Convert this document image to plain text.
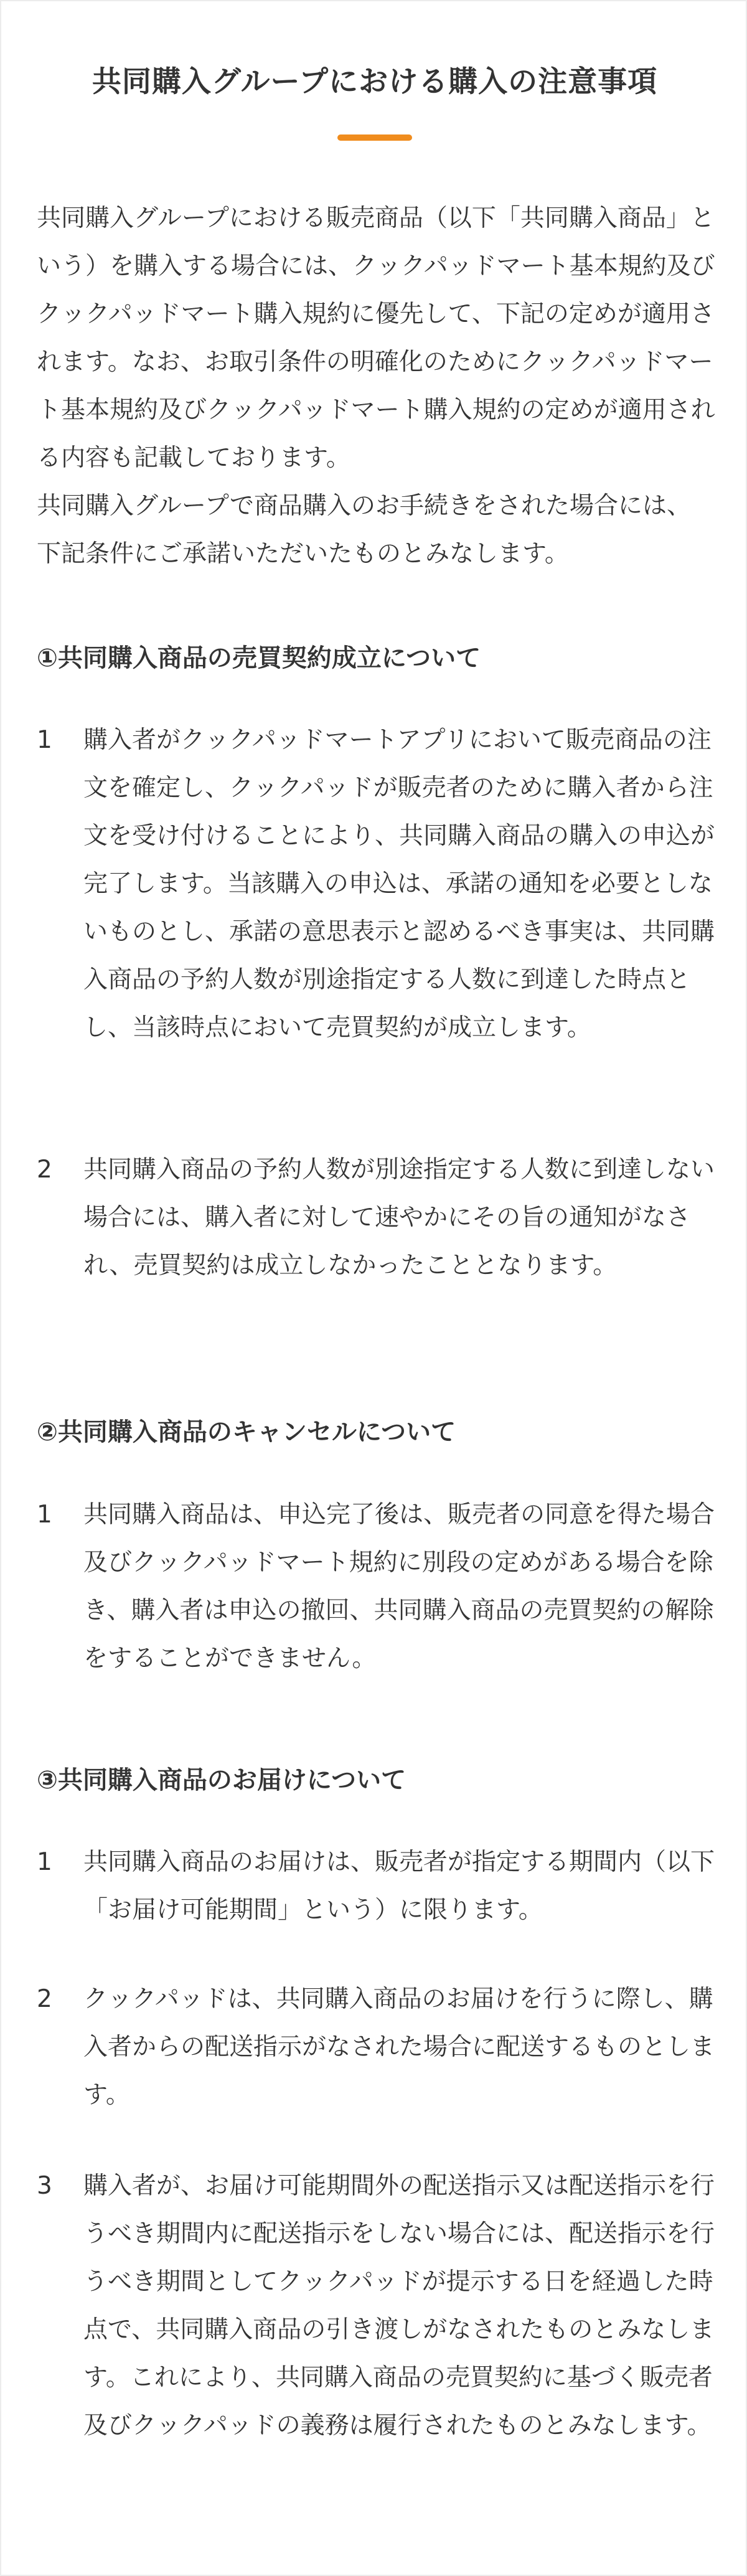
共同購入グループにおける購入の注意事項

共同購入グループにおける販売商品（以下「共同購入商品」という）を購入する場合には、クックパッドマート基本規約及びクックパッドマート購入規約に優先して、下記の定めが適用されます。なお、お取引条件の明確化のためにクックパッドマート基本規約及びクックパッドマート購入規約の定めが適用される内容も記載しております。

共同購入グループで商品購入のお手続きをされた場合には、下記条件にご承諾いただいたものとみなします。

①共同購入商品の売買契約成立について
1	購入者がクックパッドマートアプリにおいて販売商品の注文を確定し、クックパッドが販売者のために購入者から注文を受け付けることにより、共同購入商品の購入の申込が完了します。当該購入の申込は、承諾の通知を必要としないものとし、承諾の意思表示と認めるべき事実は、共同購入商品の予約人数が別途指定する人数に到達した時点とし、当該時点において売買契約が成立します。
2	共同購入商品の予約人数が別途指定する人数に到達しない場合には、購入者に対して速やかにその旨の通知がなされ、売買契約は成立しなかったこととなります。
②共同購入商品のキャンセルについて
1	共同購入商品は、申込完了後は、販売者の同意を得た場合及びクックパッドマート規約に別段の定めがある場合を除き、購入者は申込の撤回、共同購入商品の売買契約の解除をすることができません。
③共同購入商品のお届けについて
1	共同購入商品のお届けは、販売者が指定する期間内（以下「お届け可能期間」という）に限ります。
2	クックパッドは、共同購入商品のお届けを行うに際し、購入者からの配送指示がなされた場合に配送するものとします。
3	購入者が、お届け可能期間外の配送指示又は配送指示を行うべき期間内に配送指示をしない場合には、配送指示を行うべき期間としてクックパッドが提示する日を経過した時点で、共同購入商品の引き渡しがなされたものとみなします。これにより、共同購入商品の売買契約に基づく販売者及びクックパッドの義務は履行されたものとみなします。
